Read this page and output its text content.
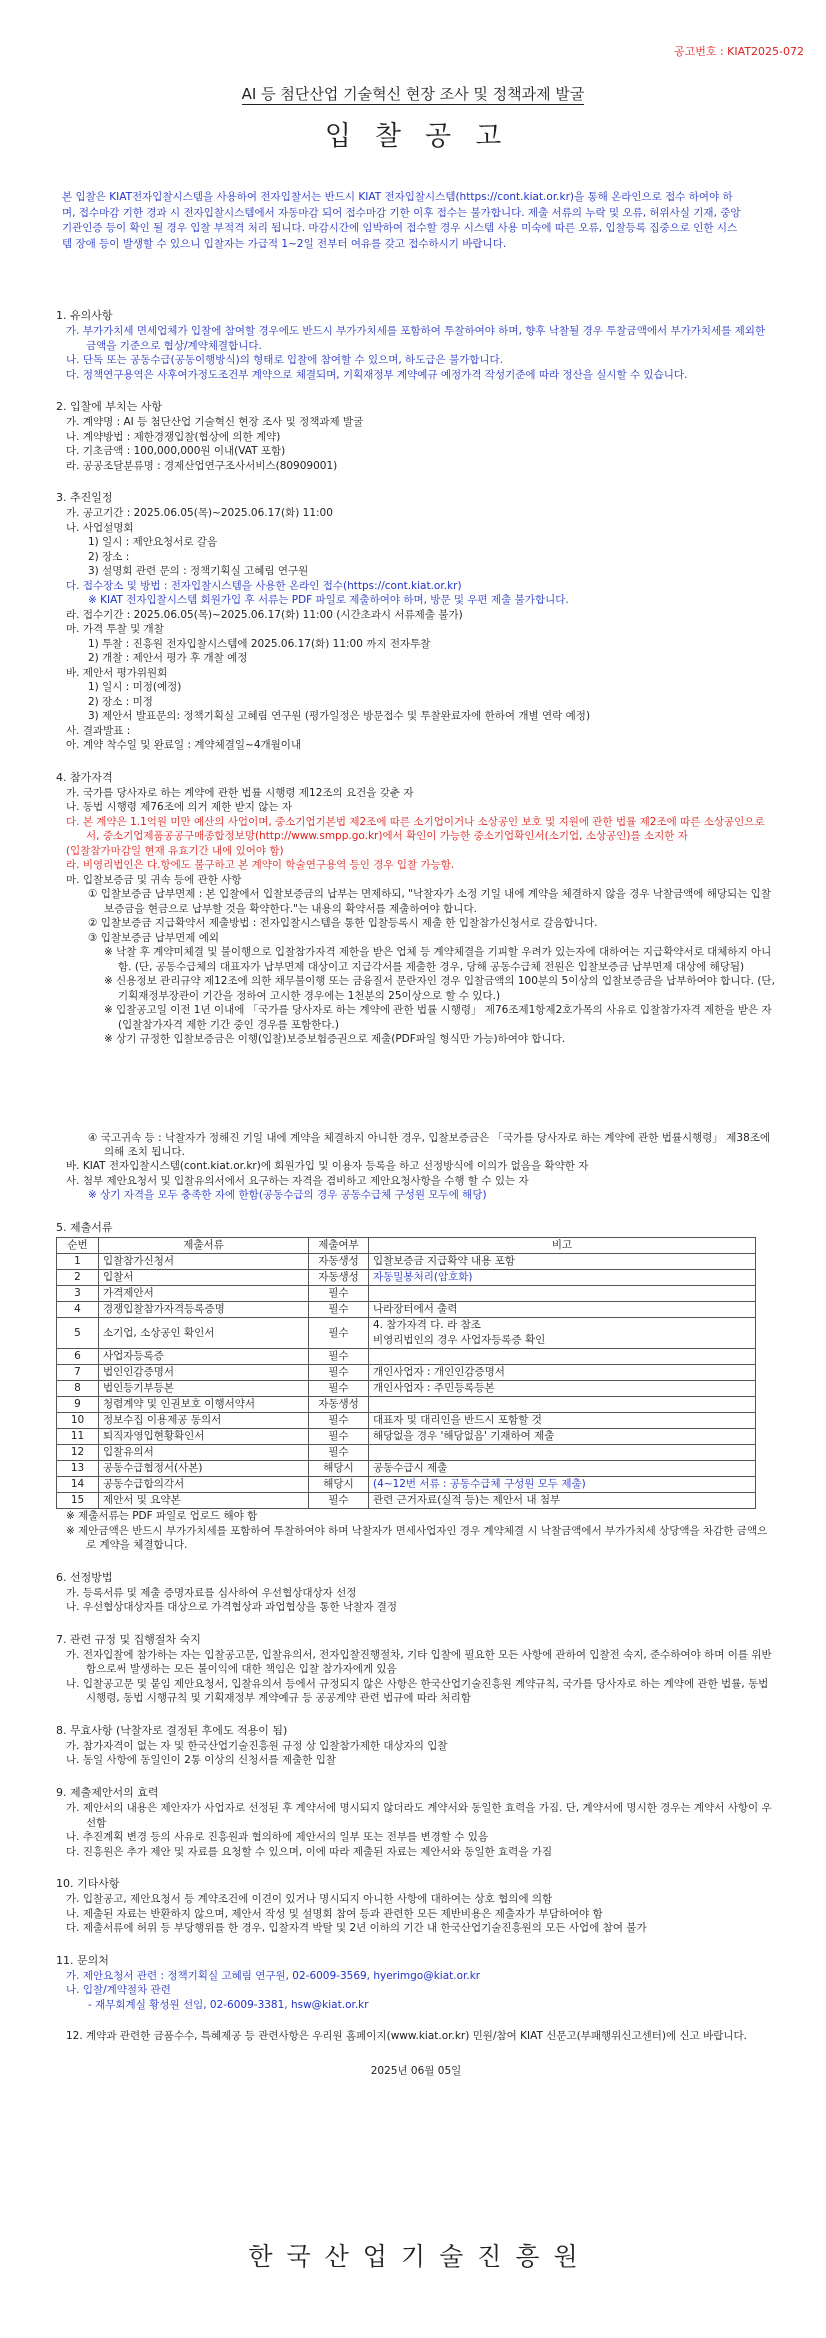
공고번호 : KIAT2025-072
AI 등 첨단산업 기술혁신 현장 조사 및 정책과제 발굴
입찰공고
본 입찰은 KIAT전자입찰시스템을 사용하여 전자입찰서는 반드시 KIAT 전자입찰시스템(https://cont.kiat.or.kr)을 통해 온라인으로 접수 하여야 하며, 접수마감 기한 경과 시 전자입찰시스템에서 자동마감 되어 접수마감 기한 이후 접수는 불가합니다. 제출 서류의 누락 및 오류, 허위사실 기재, 중앙기관인증 등이 확인 될 경우 입찰 부적격 처리 됩니다. 마감시간에 임박하여 접수할 경우 시스템 사용 미숙에 따른 오류, 입찰등록 집중으로 인한 시스템 장애 등이 발생할 수 있으니 입찰자는 가급적 1~2일 전부터 여유를 갖고 접수하시기 바랍니다.
1. 유의사항
가. 부가가치세 면세업체가 입찰에 참여할 경우에도 반드시 부가가치세를 포함하여 투찰하여야 하며, 향후 낙찰될 경우 투찰금액에서 부가가치세를 제외한 금액을 기준으로 협상/계약체결합니다.
나. 단독 또는 공동수급(공동이행방식)의 형태로 입찰에 참여할 수 있으며, 하도급은 불가합니다.
다. 정책연구용역은 사후여가정도조건부 계약으로 체결되며, 기획재정부 계약예규 예정가격 작성기준에 따라 정산을 실시할 수 있습니다.
2. 입찰에 부치는 사항
가. 계약명 : AI 등 첨단산업 기술혁신 현장 조사 및 정책과제 발굴
나. 계약방법 : 제한경쟁입찰(협상에 의한 계약)
다. 기초금액 : 100,000,000원 이내(VAT 포함)
라. 공공조달분류명 : 경제산업연구조사서비스(80909001)
3. 추진일정
가. 공고기간 : 2025.06.05(목)~2025.06.17(화) 11:00
나. 사업설명회
1) 일시 : 제안요청서로 갈음
2) 장소 :
3) 설명회 관련 문의 : 정책기획실 고혜림 연구원
다. 접수장소 및 방법 : 전자입찰시스템을 사용한 온라인 접수(https://cont.kiat.or.kr)
※ KIAT 전자입찰시스템 회원가입 후 서류는 PDF 파일로 제출하여야 하며, 방문 및 우편 제출 불가합니다.
라. 접수기간 : 2025.06.05(목)~2025.06.17(화) 11:00 (시간초과시 서류제출 불가)
마. 가격 투찰 및 개찰
1) 투찰 : 진흥원 전자입찰시스템에 2025.06.17(화) 11:00 까지 전자투찰
2) 개찰 : 제안서 평가 후 개찰 예정
바. 제안서 평가위원회
1) 일시 : 미정(예정)
2) 장소 : 미정
3) 제안서 발표문의: 정책기획실 고혜림 연구원 (평가일정은 방문접수 및 투찰완료자에 한하여 개별 연락 예정)
사. 결과발표 :
아. 계약 착수일 및 완료일 : 계약체결일~4개월이내
4. 참가자격
가. 국가를 당사자로 하는 계약에 관한 법률 시행령 제12조의 요건을 갖춘 자
나. 동법 시행령 제76조에 의거 제한 받지 않는 자
다. 본 계약은 1.1억원 미만 예산의 사업이며, 중소기업기본법 제2조에 따른 소기업이거나 소상공인 보호 및 지원에 관한 법률 제2조에 따른 소상공인으로서, 중소기업제품공공구매종합정보망(http://www.smpp.go.kr)에서 확인이 가능한 중소기업확인서(소기업, 소상공인)를 소지한 자
(입찰참가마감일 현재 유효기간 내에 있어야 함)
라. 비영리법인은 다.항에도 불구하고 본 계약이 학술연구용역 등인 경우 입찰 가능함.
마. 입찰보증금 및 귀속 등에 관한 사항
① 입찰보증금 납부면제 : 본 입찰에서 입찰보증금의 납부는 면제하되, "낙찰자가 소정 기일 내에 계약을 체결하지 않을 경우 낙찰금액에 해당되는 입찰보증금을 현금으로 납부할 것을 확약한다."는 내용의 확약서를 제출하여야 합니다.
② 입찰보증금 지급확약서 제출방법 : 전자입찰시스템을 통한 입찰등록시 제출 한 입찰참가신청서로 갈음합니다.
③ 입찰보증금 납부면제 예외
※ 낙찰 후 계약미체결 및 불이행으로 입찰참가자격 제한을 받은 업체 등 계약체결을 기피할 우려가 있는자에 대하여는 지급확약서로 대체하지 아니함. (단, 공동수급체의 대표자가 납부면제 대상이고 지급각서를 제출한 경우, 당해 공동수급체 전원은 입찰보증금 납부면제 대상에 해당됨)
※ 신용정보 관리규약 제12조에 의한 채무불이행 또는 금융질서 문란자인 경우 입찰금액의 100분의 5이상의 입찰보증금을 납부하여야 합니다. (단, 기획재정부장관이 기간을 정하여 고시한 경우에는 1천분의 25이상으로 할 수 있다.)
※ 입찰공고일 이전 1년 이내에 「국가를 당사자로 하는 계약에 관한 법률 시행령」 제76조제1항제2호가목의 사유로 입찰참가자격 제한을 받은 자(입찰참가자격 제한 기간 중인 경우를 포함한다.)
※ 상기 규정한 입찰보증금은 이행(입찰)보증보험증권으로 제출(PDF파일 형식만 가능)하여야 합니다.
④ 국고귀속 등 : 낙찰자가 정해진 기일 내에 계약을 체결하지 아니한 경우, 입찰보증금은 「국가를 당사자로 하는 계약에 관한 법률시행령」 제38조에 의해 조치 됩니다.
바. KIAT 전자입찰시스템(cont.kiat.or.kr)에 회원가입 및 이용자 등록을 하고 선정방식에 이의가 없음을 확약한 자
사. 첨부 제안요청서 및 입찰유의서에서 요구하는 자격을 겸비하고 제안요청사항을 수행 할 수 있는 자
※ 상기 자격을 모두 충족한 자에 한함(공동수급의 경우 공동수급체 구성원 모두에 해당)
5. 제출서류
순번	제출서류	제출여부	비고
1	입찰참가신청서	자동생성	입찰보증금 지급확약 내용 포함

2	입찰서	자동생성	자동밀봉처리(암호화)

3	가격제안서	필수	

4	경쟁입찰참가자격등록증명	필수	나라장터에서 출력

5	소기업, 소상공인 확인서	필수	4. 참가자격 다. 라 참조
비영리법인의 경우 사업자등록증 확인

6	사업자등록증	필수	

7	법인인감증명서	필수	개인사업자 : 개인인감증명서

8	법인등기부등본	필수	개인사업자 : 주민등록등본

9	청렴계약 및 인권보호 이행서약서	자동생성	

10	정보수집 이용제공 동의서	필수	대표자 및 대리인을 반드시 포함할 것

11	퇴직자영입현황확인서	필수	해당없을 경우 '해당없음' 기재하여 제출

12	입찰유의서	필수	

13	공동수급협정서(사본)	해당시	공동수급시 제출

14	공동수급합의각서	해당시	(4~12번 서류 : 공동수급체 구성원 모두 제출)

15	제안서 및 요약본	필수	관련 근거자료(실적 등)는 제안서 내 첨부
※ 제출서류는 PDF 파일로 업로드 해야 함
※ 제안금액은 반드시 부가가치세를 포함하여 투찰하여야 하며 낙찰자가 면세사업자인 경우 계약체결 시 낙찰금액에서 부가가치세 상당액을 차감한 금액으로 계약을 체결합니다.
6. 선정방법
가. 등록서류 및 제출 증명자료를 심사하여 우선협상대상자 선정
나. 우선협상대상자를 대상으로 가격협상과 과업협상을 통한 낙찰자 결정
7. 관련 규정 및 집행절차 숙지
가. 전자입찰에 참가하는 자는 입찰공고문, 입찰유의서, 전자입찰진행절차, 기타 입찰에 필요한 모든 사항에 관하여 입찰전 숙지, 준수하여야 하며 이를 위반함으로써 발생하는 모든 불이익에 대한 책임은 입찰 참가자에게 있음
나. 입찰공고문 및 붙임 제안요청서, 입찰유의서 등에서 규정되지 않은 사항은 한국산업기술진흥원 계약규칙, 국가를 당사자로 하는 계약에 관한 법률, 동법 시행령, 동법 시행규칙 및 기획재정부 계약예규 등 공공계약 관련 법규에 따라 처리함
8. 무효사항 (낙찰자로 결정된 후에도 적용이 됨)
가. 참가자격이 없는 자 및 한국산업기술진흥원 규정 상 입찰참가제한 대상자의 입찰
나. 동일 사항에 동일인이 2통 이상의 신청서를 제출한 입찰
9. 제출제안서의 효력
가. 제안서의 내용은 제안자가 사업자로 선정된 후 계약서에 명시되지 않더라도 계약서와 동일한 효력을 가짐. 단, 계약서에 명시한 경우는 계약서 사항이 우선함
나. 추진계획 변경 등의 사유로 진흥원과 협의하에 제안서의 일부 또는 전부를 변경할 수 있음
다. 진흥원은 추가 제안 및 자료를 요청할 수 있으며, 이에 따라 제출된 자료는 제안서와 동일한 효력을 가짐
10. 기타사항
가. 입찰공고, 제안요청서 등 계약조건에 이견이 있거나 명시되지 아니한 사항에 대하여는 상호 협의에 의함
나. 제출된 자료는 반환하지 않으며, 제안서 작성 및 설명회 참여 등과 관련한 모든 제반비용은 제출자가 부담하여야 함
다. 제출서류에 허위 등 부당행위를 한 경우, 입찰자격 박탈 및 2년 이하의 기간 내 한국산업기술진흥원의 모든 사업에 참여 불가
11. 문의처
가. 제안요청서 관련 : 정책기획실 고혜림 연구원, 02-6009-3569, hyerimgo@kiat.or.kr
나. 입찰/계약절차 관련
- 재무회계실 황성원 선임, 02-6009-3381, hsw@kiat.or.kr
12. 계약과 관련한 금품수수, 특혜제공 등 관련사항은 우리원 홈페이지(www.kiat.or.kr) 민원/참여 KIAT 신문고(부패행위신고센터)에 신고 바랍니다.
2025년 06월 05일
한국산업기술진흥원
